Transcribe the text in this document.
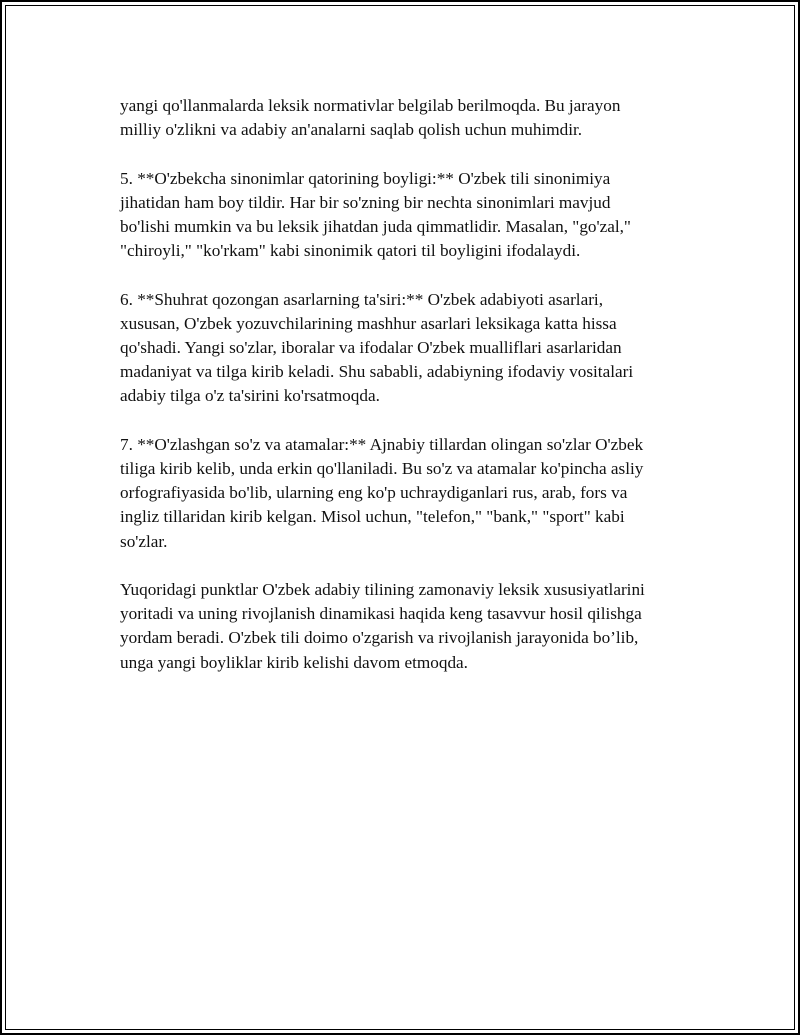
yangi qo'llanmalarda leksik normativlar belgilab berilmoqda. Bu jarayon
milliy o'zlikni va adabiy an'analarni saqlab qolish uchun muhimdir.

5. **O'zbekcha sinonimlar qatorining boyligi:** O'zbek tili sinonimiya
jihatidan ham boy tildir. Har bir so'zning bir nechta sinonimlari mavjud
bo'lishi mumkin va bu leksik jihatdan juda qimmatlidir. Masalan, "go'zal,"
"chiroyli," "ko'rkam" kabi sinonimik qatori til boyligini ifodalaydi.

6. **Shuhrat qozongan asarlarning ta'siri:** O'zbek adabiyoti asarlari,
xususan, O'zbek yozuvchilarining mashhur asarlari leksikaga katta hissa
qo'shadi. Yangi so'zlar, iboralar va ifodalar O'zbek mualliflari asarlaridan
madaniyat va tilga kirib keladi. Shu sababli, adabiyning ifodaviy vositalari
adabiy tilga o'z ta'sirini ko'rsatmoqda.

7. **O'zlashgan so'z va atamalar:** Ajnabiy tillardan olingan so'zlar O'zbek
tiliga kirib kelib, unda erkin qo'llaniladi. Bu so'z va atamalar ko'pincha asliy
orfografiyasida bo'lib, ularning eng ko'p uchraydiganlari rus, arab, fors va
ingliz tillaridan kirib kelgan. Misol uchun, "telefon," "bank," "sport" kabi
so'zlar.

Yuqoridagi punktlar O'zbek adabiy tilining zamonaviy leksik xususiyatlarini
yoritadi va uning rivojlanish dinamikasi haqida keng tasavvur hosil qilishga
yordam beradi. O'zbek tili doimo o'zgarish va rivojlanish jarayonida bo’lib,
unga yangi boyliklar kirib kelishi davom etmoqda.
